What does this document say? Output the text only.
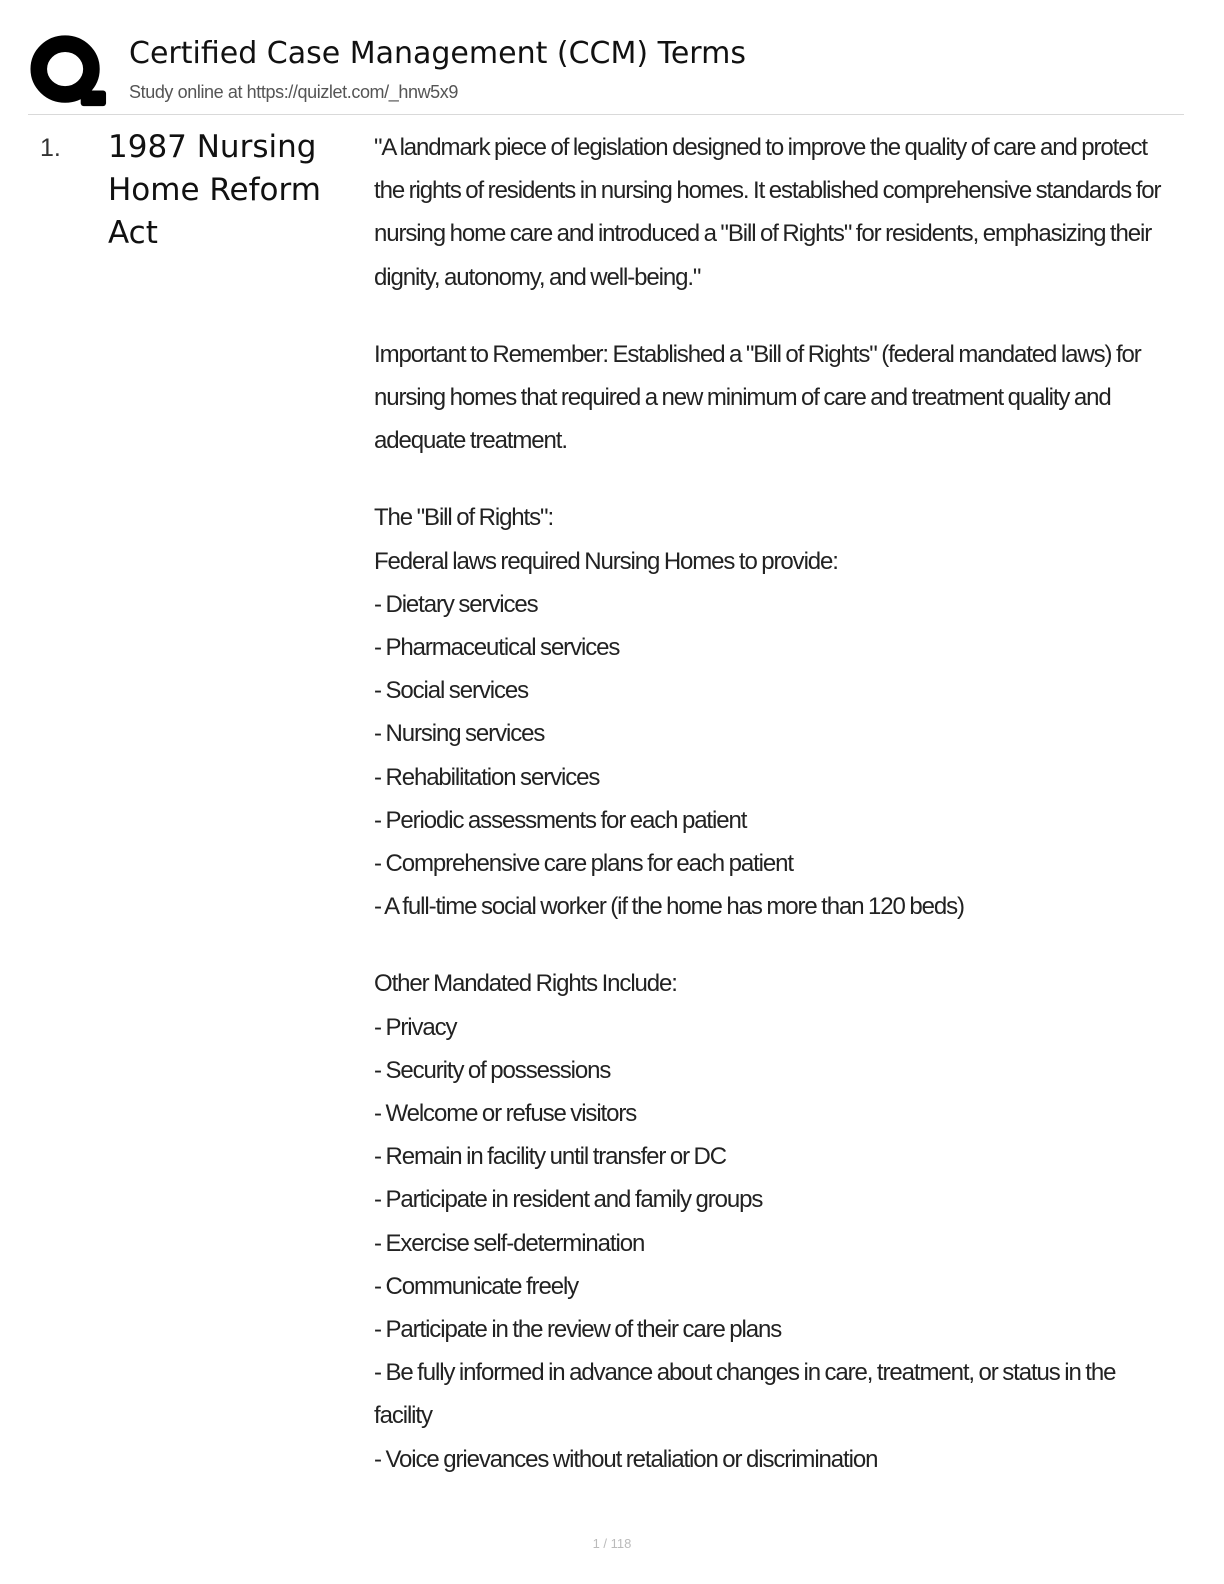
Certified Case Management (CCM) Terms
Study online at https://quizlet.com/_hnw5x9
1. 1987 Nursing Home Reform Act

"A landmark piece of legislation designed to improve the quality of care and protect the rights of residents in nursing homes. It established comprehensive standards for nursing home care and introduced a "Bill of Rights" for residents, emphasizing their dignity, autonomy, and well-being."

Important to Remember: Established a "Bill of Rights" (federal mandated laws) for nursing homes that required a new minimum of care and treatment quality and adequate treatment.

The "Bill of Rights":
Federal laws required Nursing Homes to provide:
- Dietary services
- Pharmaceutical services
- Social services
- Nursing services
- Rehabilitation services
- Periodic assessments for each patient
- Comprehensive care plans for each patient
- A full-time social worker (if the home has more than 120 beds)

Other Mandated Rights Include:
- Privacy
- Security of possessions
- Welcome or refuse visitors
- Remain in facility until transfer or DC
- Participate in resident and family groups
- Exercise self-determination
- Communicate freely
- Participate in the review of their care plans
- Be fully informed in advance about changes in care, treatment, or status in the facility
- Voice grievances without retaliation or discrimination

1 / 118
